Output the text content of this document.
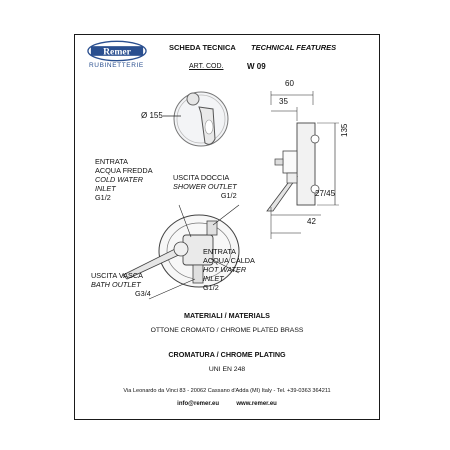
Remer
RUBINETTERIE
SCHEDA TECNICA TECHNICAL FEATURES
ART. COD.	W 09
Ø 155
60
35
135
27/45
42
ENTRATA
ACQUA FREDDA
COLD WATER
INLET
G1/2
USCITA DOCCIA
SHOWER OUTLET
G1/2
ENTRATA
ACQUA CALDA
HOT WATER
INLET
G1/2
USCITA VASCA
BATH OUTLET
G3/4
MATERIALI / MATERIALS
OTTONE CROMATO / CHROME PLATED BRASS
CROMATURA / CHROME PLATING
UNI EN 248
Via Leonardo da Vinci 83 - 20062 Cassano d'Adda (MI) Italy - Tel. +39-0363 364211
info@remer.eu	www.remer.eu
